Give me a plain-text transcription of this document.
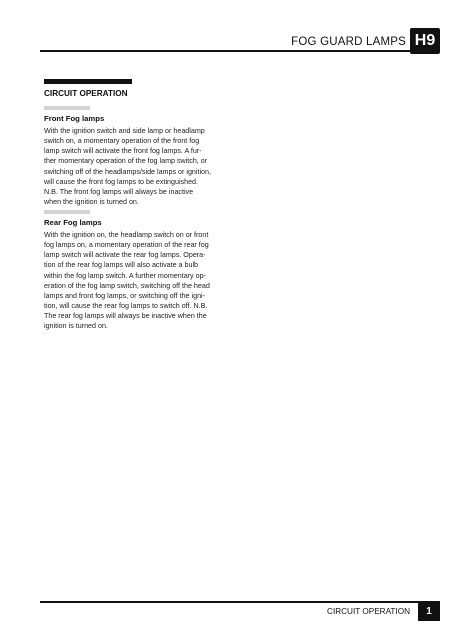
FOG GUARD LAMPS H9
CIRCUIT OPERATION
Front Fog lamps
With the ignition switch and side lamp or headlamp
switch on, a momentary operation of the front fog
lamp switch will activate the front fog lamps. A fur-
ther momentary operation of the fog lamp switch, or
switching off of the headlamps/side lamps or ignition,
will cause the front fog lamps to be extinguished.
N.B. The front fog lamps will always be inactive
when the ignition is turned on.
Rear Fog lamps
With the ignition on, the headlamp switch on or front
fog lamps on, a momentary operation of the rear fog
lamp switch will activate the rear fog lamps. Opera-
tion of the rear fog lamps will also activate a bulb
within the fog lamp switch. A further momentary op-
eration of the fog lamp switch, switching off the head
lamps and front fog lamps, or switching off the igni-
tion, will cause the rear fog lamps to switch off. N.B.
The rear fog lamps will always be inactive when the
ignition is turned on.
CIRCUIT OPERATION	1
